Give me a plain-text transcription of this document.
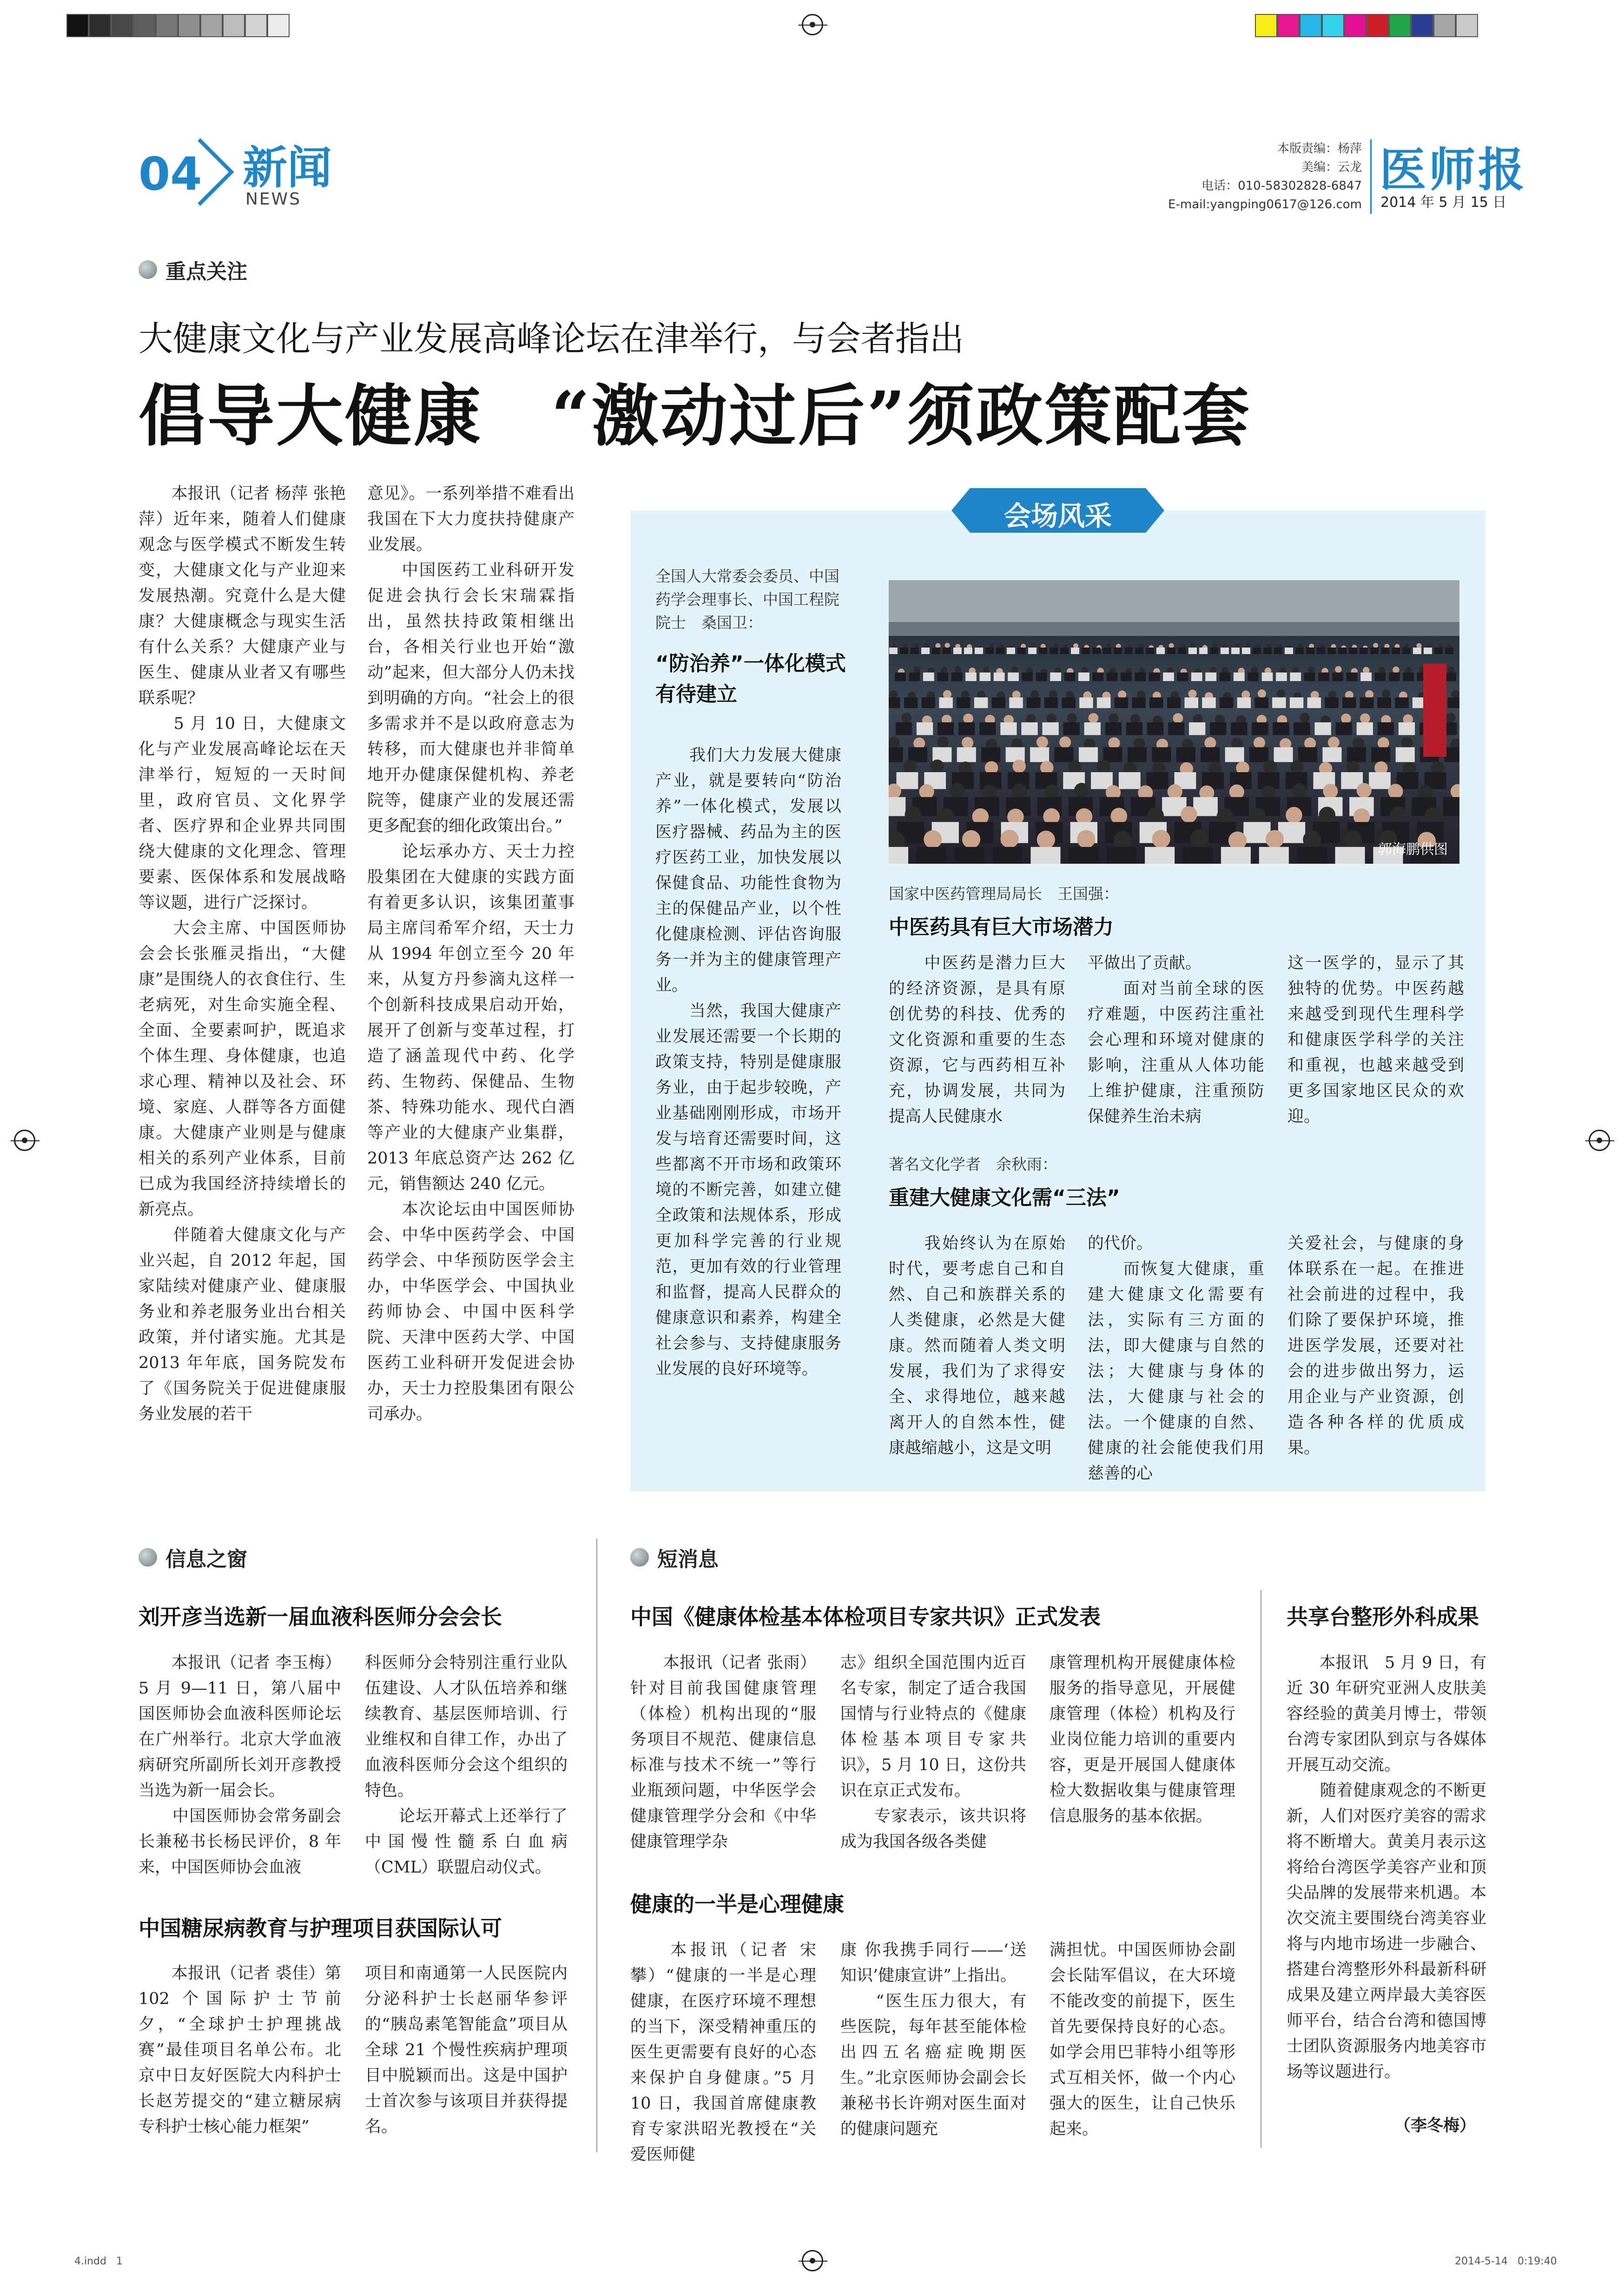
04 新闻
NEWS
本版责编：杨萍
美编：云龙
电话：010-58302828-6847
E-mail:yangping0617@126.com
医师报
2014 年 5 月 15 日
重点关注
大健康文化与产业发展高峰论坛在津举行，与会者指出
倡导大健康　“激动过后”须政策配套
　　本报讯（记者 杨萍 张艳萍）近年来，随着人们健康观念与医学模式不断发生转变，大健康文化与产业迎来发展热潮。究竟什么是大健康？大健康概念与现实生活有什么关系？大健康产业与医生、健康从业者又有哪些联系呢？
　　5 月 10 日，大健康文化与产业发展高峰论坛在天津举行，短短的一天时间里，政府官员、文化界学者、医疗界和企业界共同围绕大健康的文化理念、管理要素、医保体系和发展战略等议题，进行广泛探讨。
　　大会主席、中国医师协会会长张雁灵指出，“大健康”是围绕人的衣食住行、生老病死，对生命实施全程、全面、全要素呵护，既追求个体生理、身体健康，也追求心理、精神以及社会、环境、家庭、人群等各方面健康。大健康产业则是与健康相关的系列产业体系，目前已成为我国经济持续增长的新亮点。
　　伴随着大健康文化与产业兴起，自 2012 年起，国家陆续对健康产业、健康服务业和养老服务业出台相关政策，并付诸实施。尤其是 2013 年年底，国务院发布了《国务院关于促进健康服务业发展的若干
意见》。一系列举措不难看出我国在下大力度扶持健康产业发展。
　　中国医药工业科研开发促进会执行会长宋瑞霖指出，虽然扶持政策相继出台，各相关行业也开始“激动”起来，但大部分人仍未找到明确的方向。“社会上的很多需求并不是以政府意志为转移，而大健康也并非简单地开办健康保健机构、养老院等，健康产业的发展还需更多配套的细化政策出台。”
　　论坛承办方、天士力控股集团在大健康的实践方面有着更多认识，该集团董事局主席闫希军介绍，天士力从 1994 年创立至今 20 年来，从复方丹参滴丸这样一个创新科技成果启动开始，展开了创新与变革过程，打造了涵盖现代中药、化学药、生物药、保健品、生物茶、特殊功能水、现代白酒等产业的大健康产业集群，2013 年底总资产达 262 亿元，销售额达 240 亿元。
　　本次论坛由中国医师协会、中华中医药学会、中国药学会、中华预防医学会主办，中华医学会、中国执业药师协会、中国中医科学院、天津中医药大学、中国医药工业科研开发促进会协办，天士力控股集团有限公司承办。
会场风采
全国人大常委会委员、中国药学会理事长、中国工程院院士　桑国卫：
“防治养”一体化模式有待建立
　　我们大力发展大健康产业，就是要转向“防治养”一体化模式，发展以医疗器械、药品为主的医疗医药工业，加快发展以保健食品、功能性食物为主的保健品产业，以个性化健康检测、评估咨询服务一并为主的健康管理产业。
　　当然，我国大健康产业发展还需要一个长期的政策支持，特别是健康服务业，由于起步较晚，产业基础刚刚形成，市场开发与培育还需要时间，这些都离不开市场和政策环境的不断完善，如建立健全政策和法规体系，形成更加科学完善的行业规范，更加有效的行业管理和监督，提高人民群众的健康意识和素养，构建全社会参与、支持健康服务业发展的良好环境等。
郭海鹏供图
国家中医药管理局局长　王国强：
中医药具有巨大市场潜力
　　中医药是潜力巨大的经济资源，是具有原创优势的科技、优秀的文化资源和重要的生态资源，它与西药相互补充，协调发展，共同为提高人民健康水
平做出了贡献。
　　面对当前全球的医疗难题，中医药注重社会心理和环境对健康的影响，注重从人体功能上维护健康，注重预防保健养生治未病
这一医学的，显示了其独特的优势。中医药越来越受到现代生理科学和健康医学科学的关注和重视，也越来越受到更多国家地区民众的欢迎。
著名文化学者　余秋雨：
重建大健康文化需“三法”
　　我始终认为在原始时代，要考虑自己和自然、自己和族群关系的人类健康，必然是大健康。然而随着人类文明发展，我们为了求得安全、求得地位，越来越离开人的自然本性，健康越缩越小，这是文明
的代价。
　　而恢复大健康，重建大健康文化需要有法，实际有三方面的法，即大健康与自然的法；大健康与身体的法，大健康与社会的法。一个健康的自然、健康的社会能使我们用慈善的心
关爱社会，与健康的身体联系在一起。在推进社会前进的过程中，我们除了要保护环境，推进医学发展，还要对社会的进步做出努力，运用企业与产业资源，创造各种各样的优质成果。
信息之窗
刘开彦当选新一届血液科医师分会会长
　　本报讯（记者 李玉梅）5 月 9—11 日，第八届中国医师协会血液科医师论坛在广州举行。北京大学血液病研究所副所长刘开彦教授当选为新一届会长。
　　中国医师协会常务副会长兼秘书长杨民评价，8 年来，中国医师协会血液
科医师分会特别注重行业队伍建设、人才队伍培养和继续教育、基层医师培训、行业维权和自律工作，办出了血液科医师分会这个组织的特色。
　　论坛开幕式上还举行了中国慢性髓系白血病（CML）联盟启动仪式。
中国糖尿病教育与护理项目获国际认可
　　本报讯（记者 裘佳）第 102 个国际护士节前夕，“全球护士护理挑战赛”最佳项目名单公布。北京中日友好医院大内科护士长赵芳提交的“建立糖尿病专科护士核心能力框架”
项目和南通第一人民医院内分泌科护士长赵丽华参评的“胰岛素笔智能盒”项目从全球 21 个慢性疾病护理项目中脱颖而出。这是中国护士首次参与该项目并获得提名。
短消息
中国《健康体检基本体检项目专家共识》正式发表
　　本报讯（记者 张雨）针对目前我国健康管理（体检）机构出现的“服务项目不规范、健康信息标准与技术不统一”等行业瓶颈问题，中华医学会健康管理学分会和《中华健康管理学杂
志》组织全国范围内近百名专家，制定了适合我国国情与行业特点的《健康体检基本项目专家共识》，5 月 10 日，这份共识在京正式发布。
　　专家表示，该共识将成为我国各级各类健
康管理机构开展健康体检服务的指导意见，开展健康管理（体检）机构及行业岗位能力培训的重要内容，更是开展国人健康体检大数据收集与健康管理信息服务的基本依据。
健康的一半是心理健康
　　本报讯（记者 宋攀）“健康的一半是心理健康，在医疗环境不理想的当下，深受精神重压的医生更需要有良好的心态来保护自身健康。”5 月 10 日，我国首席健康教育专家洪昭光教授在“关爱医师健
康 你我携手同行——‘送知识’健康宣讲”上指出。
　　“医生压力很大，有些医院，每年甚至能体检出四五名癌症晚期医生。”北京医师协会副会长兼秘书长许朔对医生面对的健康问题充
满担忧。中国医师协会副会长陆军倡议，在大环境不能改变的前提下，医生首先要保持良好的心态。如学会用巴菲特小组等形式互相关怀，做一个内心强大的医生，让自己快乐起来。
共享台整形外科成果
　　本报讯　5 月 9 日，有近 30 年研究亚洲人皮肤美容经验的黄美月博士，带领台湾专家团队到京与各媒体开展互动交流。
　　随着健康观念的不断更新，人们对医疗美容的需求将不断增大。黄美月表示这将给台湾医学美容产业和顶尖品牌的发展带来机遇。本次交流主要围绕台湾美容业将与内地市场进一步融合、搭建台湾整形外科最新科研成果及建立两岸最大美容医师平台，结合台湾和德国博士团队资源服务内地美容市场等议题进行。
（李冬梅）
4.indd   1	2014-5-14   0:19:40
